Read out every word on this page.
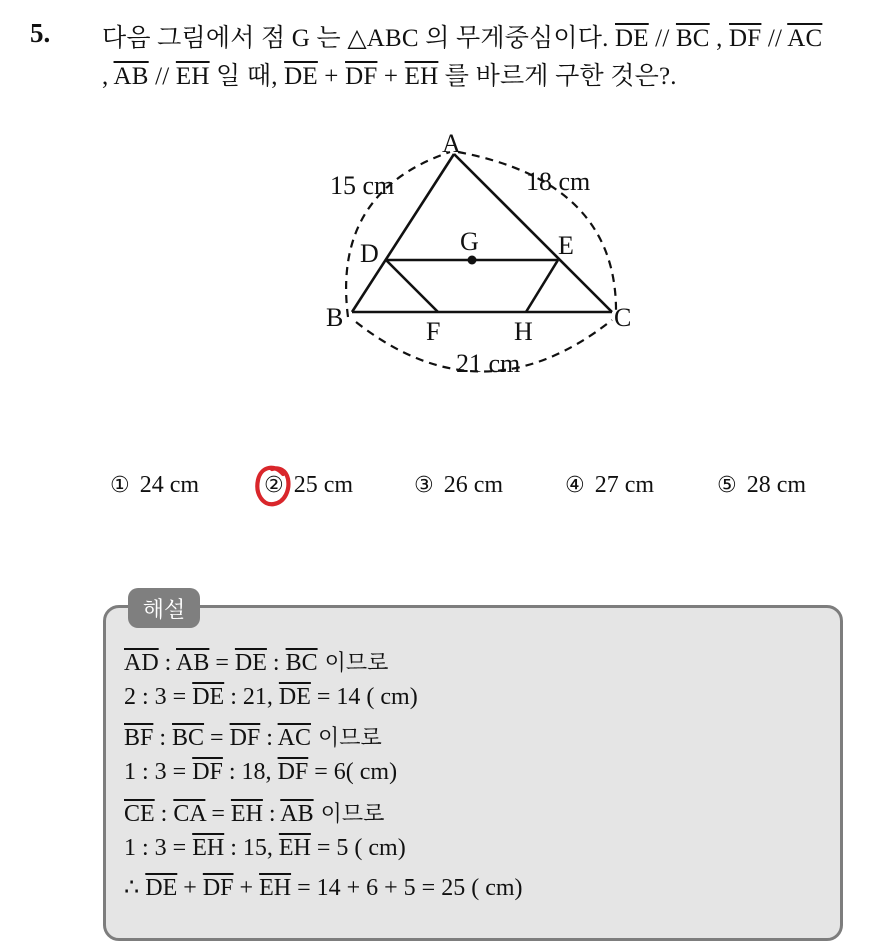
5. 다음 그림에서 점 G 는 △ABC 의 무게중심이다. $\overline{DE} // \overline{BC}$ , $\overline{DF} // \overline{AC}$
, $\overline{AB} // \overline{EH}$ 일 때, $\overline{DE} + \overline{DF} + \overline{EH}$ 를 바르게 구한 것은?.
A
B	C
D	E
F
G
H
15 cm	18 cm
21 cm
① 24 cm	② 25 cm	③ 26 cm	④ 27 cm	⑤ 28 cm
해설
$\overline{AD}$ : $\overline{AB} = \overline{DE}$ : $\overline{BC}$ 이므로
2 : $3 = \overline{DE}$ : 21, $\overline{DE} = 14$ ( cm)
$\overline{BF}$ : $\overline{BC} = \overline{DF}$ : $\overline{AC}$ 이므로
1 : $3 = \overline{DF}$ : 18, $\overline{DF} = 6$( cm)
$\overline{CE}$ : $\overline{CA} = \overline{EH}$ : $\overline{AB}$ 이므로
1 : $3 = \overline{EH}$ : 15, $\overline{EH} = 5$ ( cm)
∴ $\overline{DE} + \overline{DF} + \overline{EH} = 14 + 6 + 5 = 25$ ( cm)
